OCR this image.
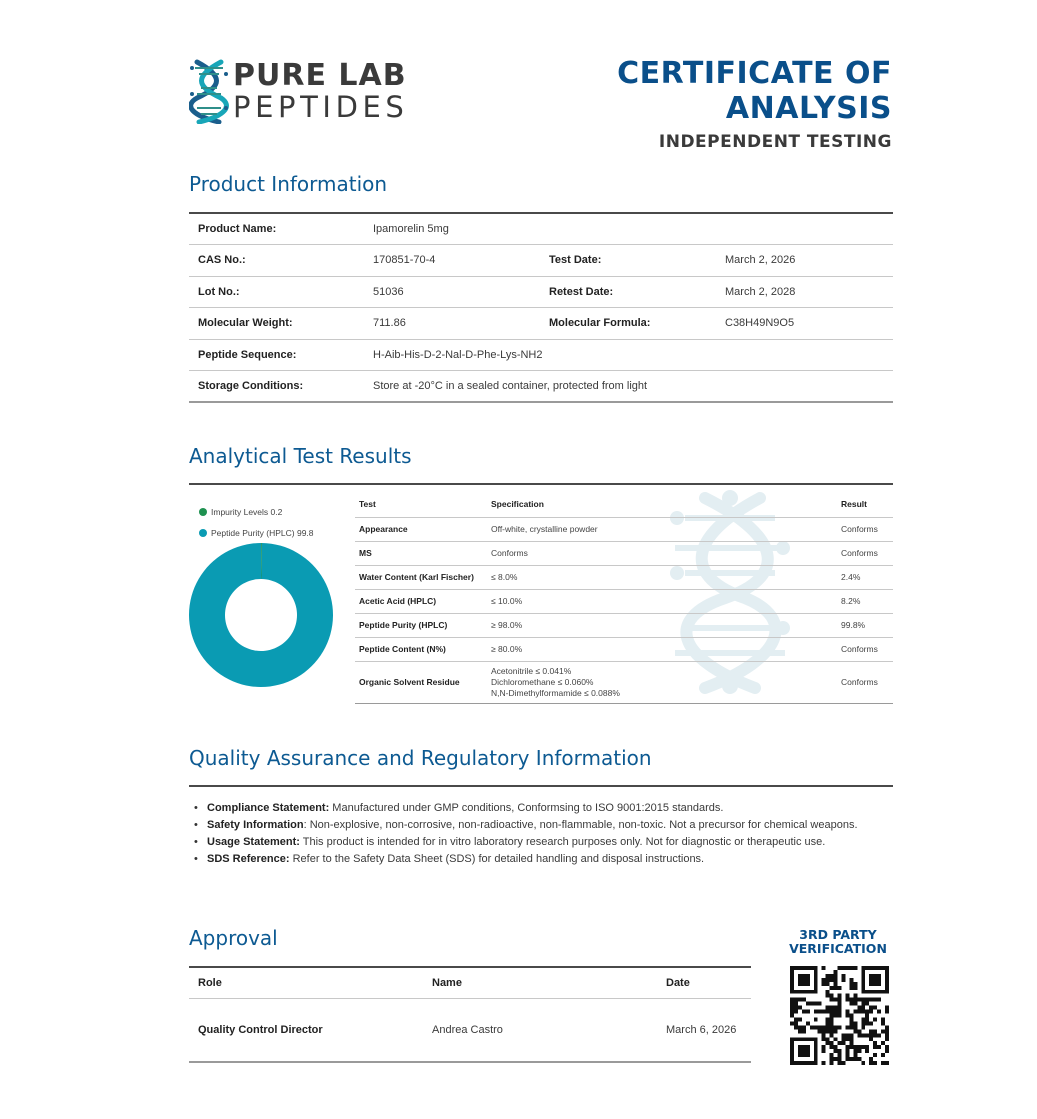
PURE LAB
PEPTIDES
CERTIFICATE OF
ANALYSIS
INDEPENDENT TESTING
Product Information
Product Name:	Ipamorelin 5mg		
CAS No.:	170851-70-4	Test Date:	March 2, 2026
Lot No.:	51036	Retest Date:	March 2, 2028
Molecular Weight:	711.86	Molecular Formula:	C38H49N9O5
Peptide Sequence:	H-Aib-His-D-2-Nal-D-Phe-Lys-NH2		
Storage Conditions:	Store at -20°C in a sealed container, protected from light		
Analytical Test Results
Impurity Levels 0.2
Peptide Purity (HPLC) 99.8
Test	Specification	Result
Appearance	Off-white, crystalline powder	Conforms
MS	Conforms	Conforms
Water Content (Karl Fischer)	≤ 8.0%	2.4%
Acetic Acid (HPLC)	≤ 10.0%	8.2%
Peptide Purity (HPLC)	≥ 98.0%	99.8%
Peptide Content (N%)	≥ 80.0%	Conforms
Organic Solvent Residue	Acetonitrile ≤ 0.041%
Dichloromethane ≤ 0.060%
N,N-Dimethylformamide ≤ 0.088%	Conforms
Quality Assurance and Regulatory Information
• Compliance Statement: Manufactured under GMP conditions, Conformsing to ISO 9001:2015 standards.
• Safety Information: Non-explosive, non-corrosive, non-radioactive, non-flammable, non-toxic. Not a precursor for chemical weapons.
• Usage Statement: This product is intended for in vitro laboratory research purposes only. Not for diagnostic or therapeutic use.
• SDS Reference: Refer to the Safety Data Sheet (SDS) for detailed handling and disposal instructions.
Approval
Role	Name	Date
Quality Control Director	Andrea Castro	March 6, 2026
3RD PARTY
VERIFICATION
